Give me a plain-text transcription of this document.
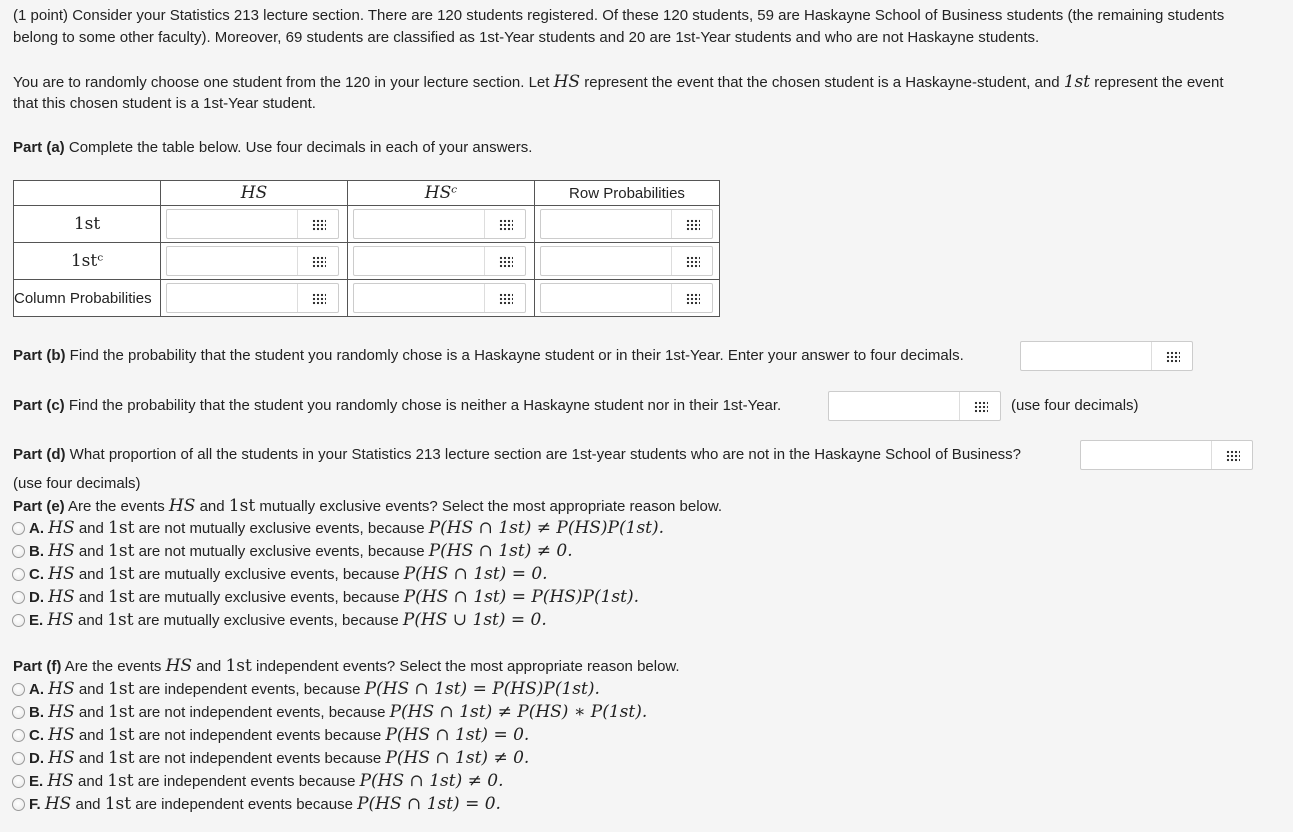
(1 point) Consider your Statistics 213 lecture section. There are 120 students registered. Of these 120 students, 59 are Haskayne School of Business students (the remaining students
belong to some other faculty). Moreover, 69 students are classified as 1st-Year students and 20 are 1st-Year students and who are not Haskayne students.
You are to randomly choose one student from the 120 in your lecture section. Let HS represent the event that the chosen student is a Haskayne-student, and 1st represent the event
that this chosen student is a 1st-Year student.
Part (a) Complete the table below. Use four decimals in each of your answers.
	HS	HSᶜ	Row Probabilities
1st	

1stᶜ	

Column Probabilities	

Part (b) Find the probability that the student you randomly chose is a Haskayne student or in their 1st-Year. Enter your answer to four decimals.
Part (c) Find the probability that the student you randomly chose is neither a Haskayne student nor in their 1st-Year.	(use four decimals)
Part (d) What proportion of all the students in your Statistics 213 lecture section are 1st-year students who are not in the Haskayne School of Business?
(use four decimals)
Part (e) Are the events HS and 1st mutually exclusive events? Select the most appropriate reason below.
A. HS and 1st are not mutually exclusive events, because P(HS ∩ 1st) ≠ P(HS)P(1st).
B. HS and 1st are not mutually exclusive events, because P(HS ∩ 1st) ≠ 0.
C. HS and 1st are mutually exclusive events, because P(HS ∩ 1st) = 0.
D. HS and 1st are mutually exclusive events, because P(HS ∩ 1st) = P(HS)P(1st).
E. HS and 1st are mutually exclusive events, because P(HS ∪ 1st) = 0.
Part (f) Are the events HS and 1st independent events? Select the most appropriate reason below.
A. HS and 1st are independent events, because P(HS ∩ 1st) = P(HS)P(1st).
B. HS and 1st are not independent events, because P(HS ∩ 1st) ≠ P(HS) ∗ P(1st).
C. HS and 1st are not independent events because P(HS ∩ 1st) = 0.
D. HS and 1st are not independent events because P(HS ∩ 1st) ≠ 0.
E. HS and 1st are independent events because P(HS ∩ 1st) ≠ 0.
F. HS and 1st are independent events because P(HS ∩ 1st) = 0.
